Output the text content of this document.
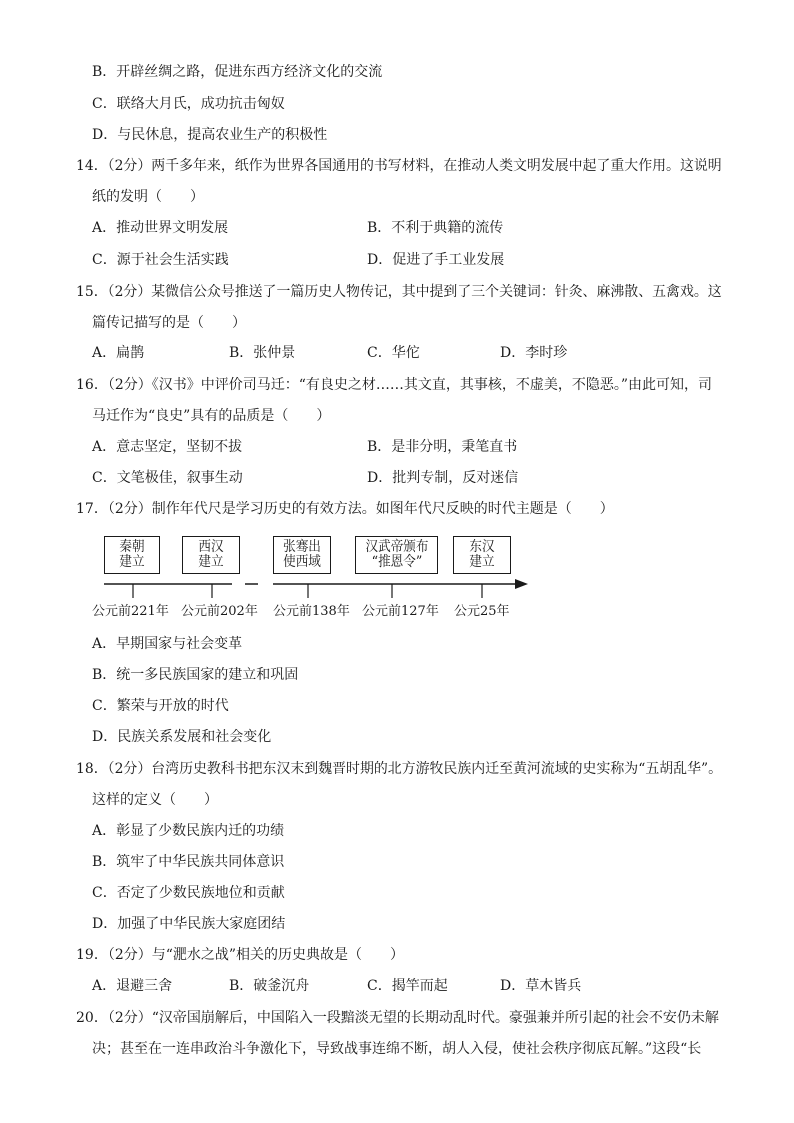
B．开辟丝绸之路，促进东西方经济文化的交流
C．联络大月氏，成功抗击匈奴
D．与民休息，提高农业生产的积极性
14．（2分）两千多年来，纸作为世界各国通用的书写材料，在推动人类文明发展中起了重大作用。这说明
纸的发明（　　）
A．推动世界文明发展	B．不利于典籍的流传
C．源于社会生活实践	D．促进了手工业发展
15．（2分）某微信公众号推送了一篇历史人物传记，其中提到了三个关键词：针灸、麻沸散、五禽戏。这
篇传记描写的是（　　）
A．扁鹊	B．张仲景	C．华佗	D．李时珍
16．（2分）《汉书》中评价司马迁：“有良史之材……其文直，其事核，不虚美，不隐恶。”由此可知，司
马迁作为“良史”具有的品质是（　　）
A．意志坚定，坚韧不拔	B．是非分明，秉笔直书
C．文笔极佳，叙事生动	D．批判专制，反对迷信
17．（2分）制作年代尺是学习历史的有效方法。如图年代尺反映的时代主题是（　　）
秦朝
建立
西汉
建立
张骞出
使西域
汉武帝颁布
“推恩令”
东汉
建立
公元前221年 公元前202年 公元前138年 公元前127年 公元25年
A．早期国家与社会变革
B．统一多民族国家的建立和巩固
C．繁荣与开放的时代
D．民族关系发展和社会变化
18．（2分）台湾历史教科书把东汉末到魏晋时期的北方游牧民族内迁至黄河流域的史实称为“五胡乱华”。
这样的定义（　　）
A．彰显了少数民族内迁的功绩
B．筑牢了中华民族共同体意识
C．否定了少数民族地位和贡献
D．加强了中华民族大家庭团结
19．（2分）与“淝水之战”相关的历史典故是（　　）
A．退避三舍	B．破釜沉舟	C．揭竿而起	D．草木皆兵
20．（2分）“汉帝国崩解后，中国陷入一段黯淡无望的长期动乱时代。豪强兼并所引起的社会不安仍未解
决；甚至在一连串政治斗争激化下，导致战事连绵不断，胡人入侵，使社会秩序彻底瓦解。”这段“长
